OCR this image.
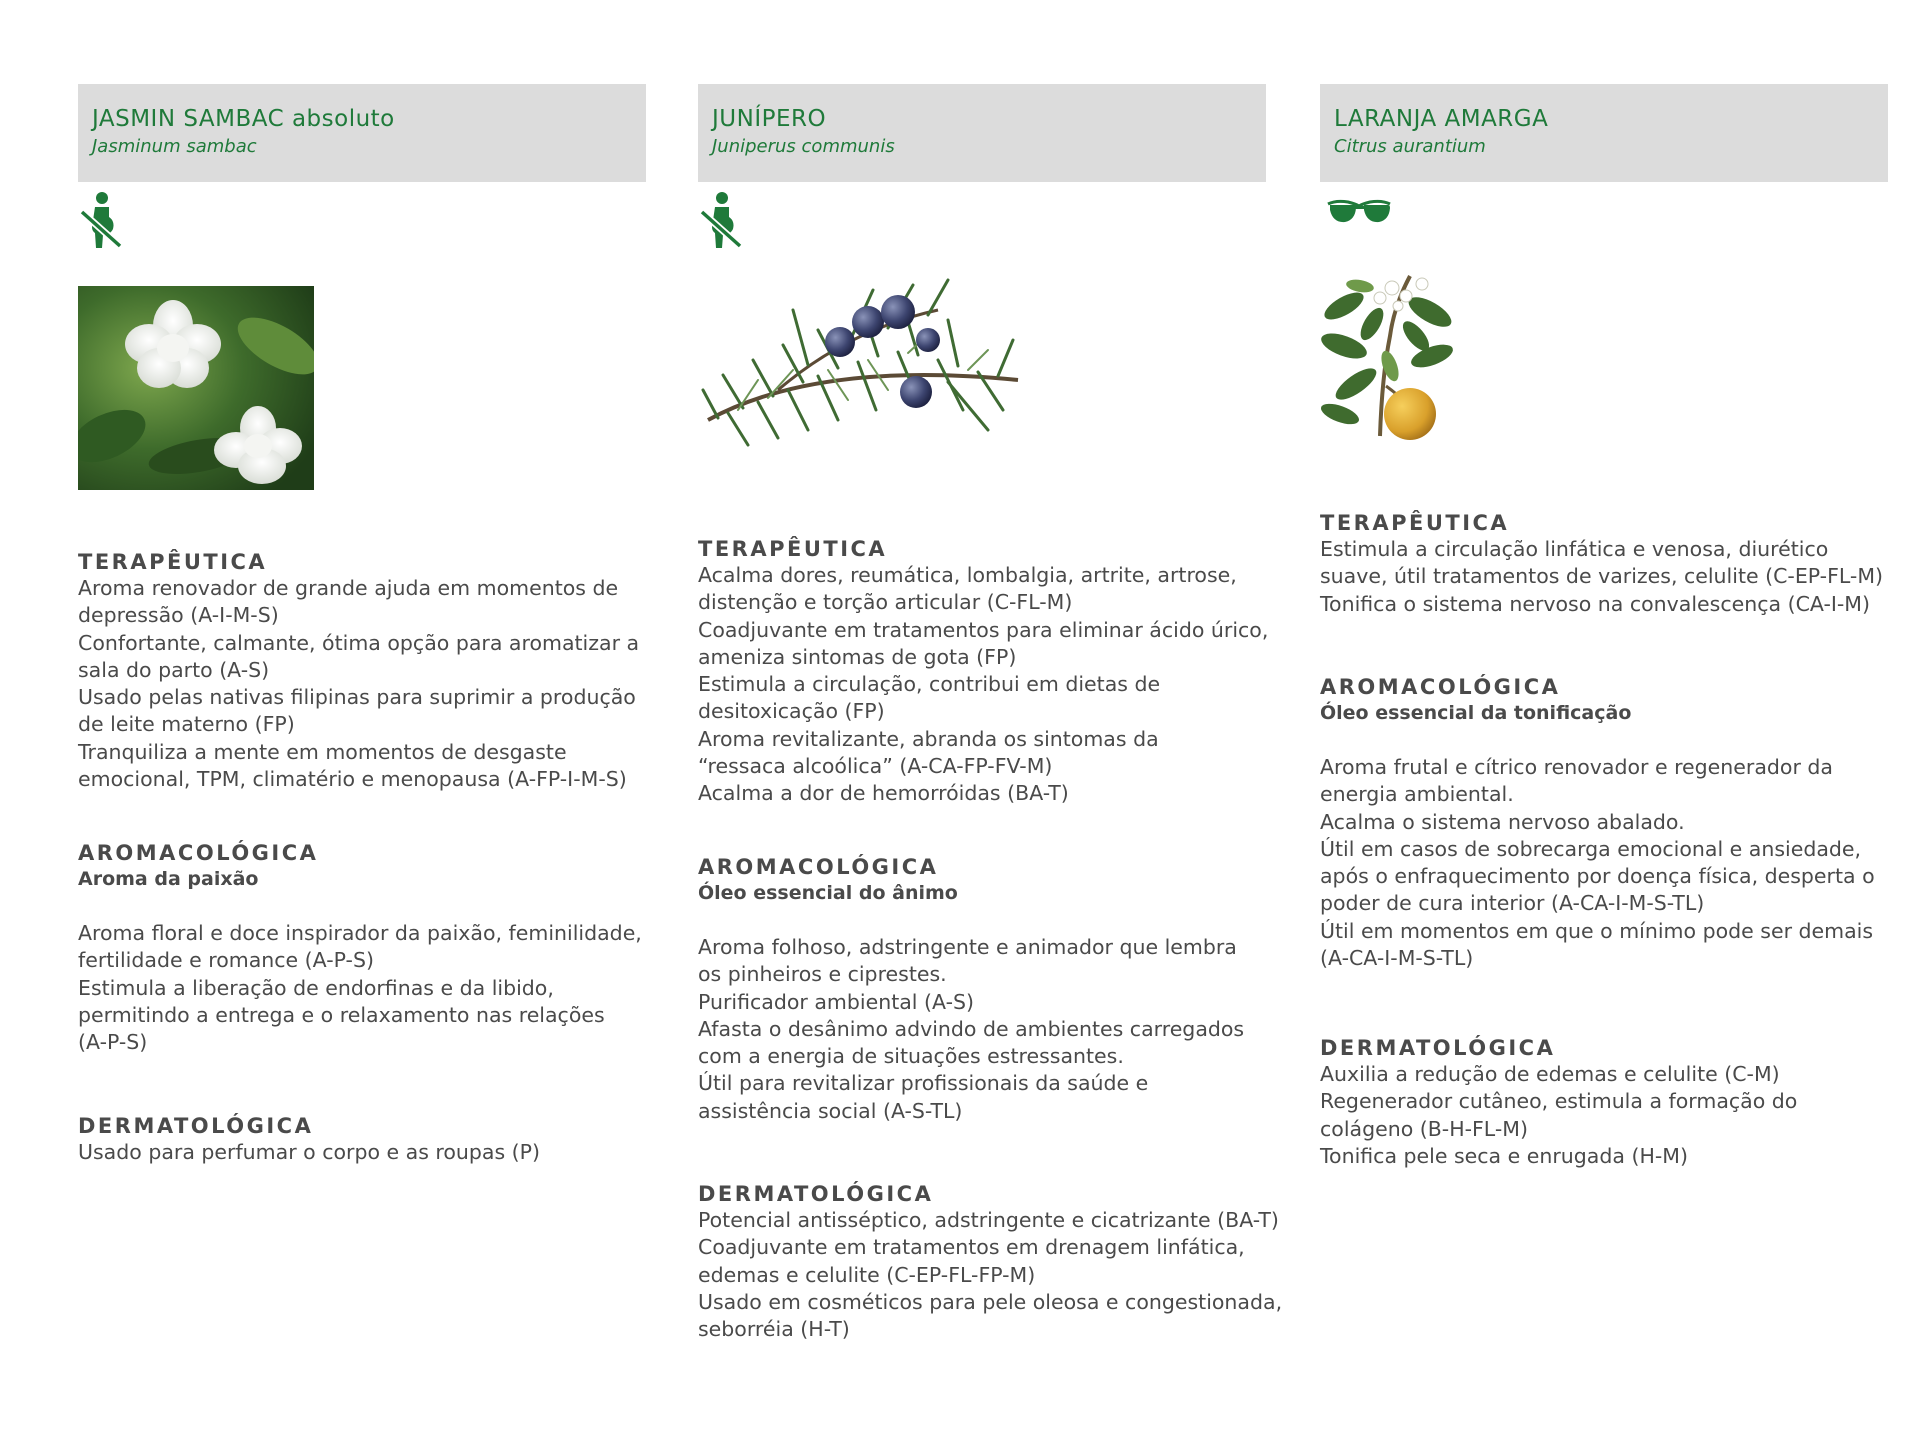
JASMIN SAMBAC absoluto
Jasminum sambac
TERAPÊUTICA
Aroma renovador de grande ajuda em momentos de
depressão (A-I-M-S)
Confortante, calmante, ótima opção para aromatizar a
sala do parto (A-S)
Usado pelas nativas filipinas para suprimir a produção
de leite materno (FP)
Tranquiliza a mente em momentos de desgaste
emocional, TPM, climatério e menopausa (A-FP-I-M-S)
AROMACOLÓGICA
Aroma da paixão
Aroma floral e doce inspirador da paixão, feminilidade,
fertilidade e romance (A-P-S)
Estimula a liberação de endorfinas e da libido,
permitindo a entrega e o relaxamento nas relações
(A-P-S)
DERMATOLÓGICA
Usado para perfumar o corpo e as roupas (P)
JUNÍPERO
Juniperus communis
TERAPÊUTICA
Acalma dores, reumática, lombalgia, artrite, artrose,
distenção e torção articular (C-FL-M)
Coadjuvante em tratamentos para eliminar ácido úrico,
ameniza sintomas de gota (FP)
Estimula a circulação, contribui em dietas de
desitoxicação (FP)
Aroma revitalizante, abranda os sintomas da
“ressaca alcoólica” (A-CA-FP-FV-M)
Acalma a dor de hemorróidas (BA-T)
AROMACOLÓGICA
Óleo essencial do ânimo
Aroma folhoso, adstringente e animador que lembra
os pinheiros e ciprestes.
Purificador ambiental (A-S)
Afasta o desânimo advindo de ambientes carregados
com a energia de situações estressantes.
Útil para revitalizar profissionais da saúde e
assistência social (A-S-TL)
DERMATOLÓGICA
Potencial antisséptico, adstringente e cicatrizante (BA-T)
Coadjuvante em tratamentos em drenagem linfática,
edemas e celulite (C-EP-FL-FP-M)
Usado em cosméticos para pele oleosa e congestionada,
seborréia (H-T)
LARANJA AMARGA
Citrus aurantium
TERAPÊUTICA
Estimula a circulação linfática e venosa, diurético
suave, útil tratamentos de varizes, celulite (C-EP-FL-M)
Tonifica o sistema nervoso na convalescença (CA-I-M)
AROMACOLÓGICA
Óleo essencial da tonificação
Aroma frutal e cítrico renovador e regenerador da
energia ambiental.
Acalma o sistema nervoso abalado.
Útil em casos de sobrecarga emocional e ansiedade,
após o enfraquecimento por doença física, desperta o
poder de cura interior (A-CA-I-M-S-TL)
Útil em momentos em que o mínimo pode ser demais
(A-CA-I-M-S-TL)
DERMATOLÓGICA
Auxilia a redução de edemas e celulite (C-M)
Regenerador cutâneo, estimula a formação do
colágeno (B-H-FL-M)
Tonifica pele seca e enrugada (H-M)
